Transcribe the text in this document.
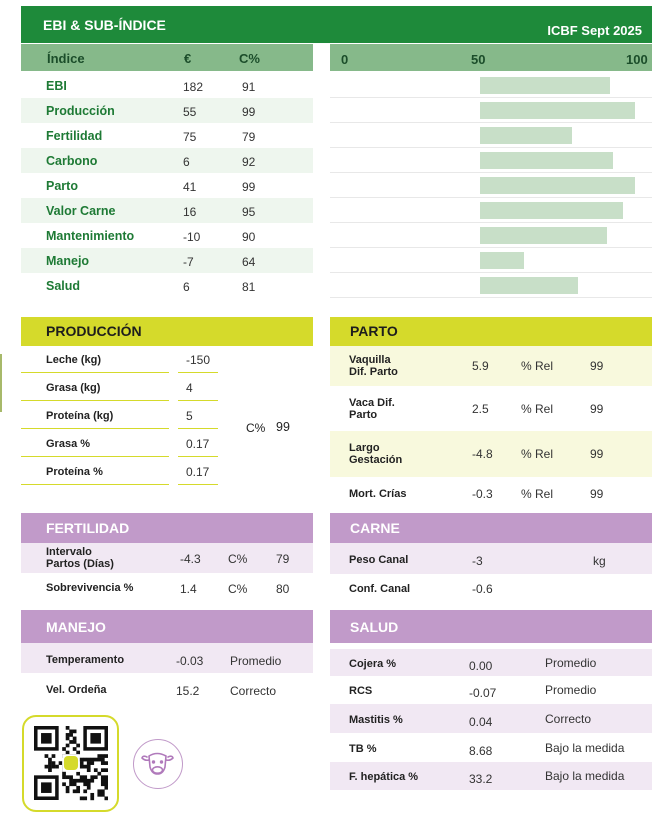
EBI & SUB-ÍNDICE	ICBF Sept 2025
Índice	€	C%	0	50	100
EBI	182	91
Producción	55	99
Fertilidad	75	79
Carbono	6	92
Parto	41	99
Valor Carne	16	95
Mantenimiento	-10	90
Manejo	-7	64
Salud	6	81
PRODUCCIÓN
Leche (kg)	-150
Grasa (kg)	4
Proteína (kg)	5
Grasa %	0.17
Proteína %	0.17
C% 99
PARTO
Vaquilla
Dif. Parto	5.9	% Rel	99
Vaca Dif.
Parto	2.5	% Rel	99
Largo
Gestación	-4.8 % Rel	99
Mort. Crías	-0.3 % Rel	99
FERTILIDAD
Intervalo
Partos (Días)	-4.3 C% 79
Sobrevivencia %	1.4	C% 80
CARNE
Peso Canal	-3	kg
Conf. Canal	-0.6
MANEJO
Temperamento	-0.03 Promedio
Vel. Ordeña	15.2	Correcto
SALUD
Cojera %	0.00	Promedio
RCS	-0.07	Promedio
Mastitis %	0.04	Correcto
TB %	8.68	Bajo la medida
F. hepática %	33.2	Bajo la medida
